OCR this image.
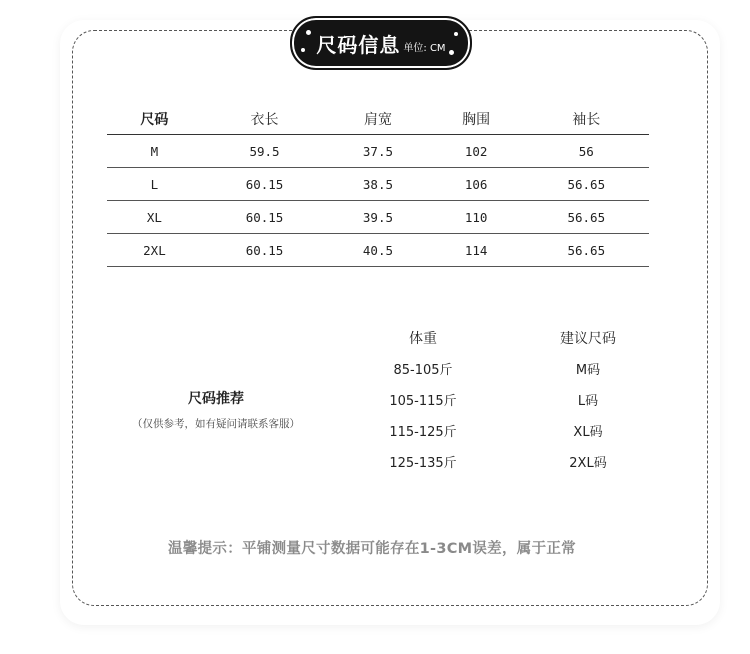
尺码信息 单位: CM
尺码	衣长	肩宽	胸围	袖长
M	59.5	37.5	102	56
L	60.15	38.5	106	56.65
XL	60.15	39.5	110	56.65
2XL	60.15	40.5	114	56.65
尺码推荐
（仅供参考，如有疑问请联系客服）
体重	建议尺码
85-105斤	M码
105-115斤	L码
115-125斤	XL码
125-135斤	2XL码
温馨提示：平铺测量尺寸数据可能存在1-3CM误差，属于正常
